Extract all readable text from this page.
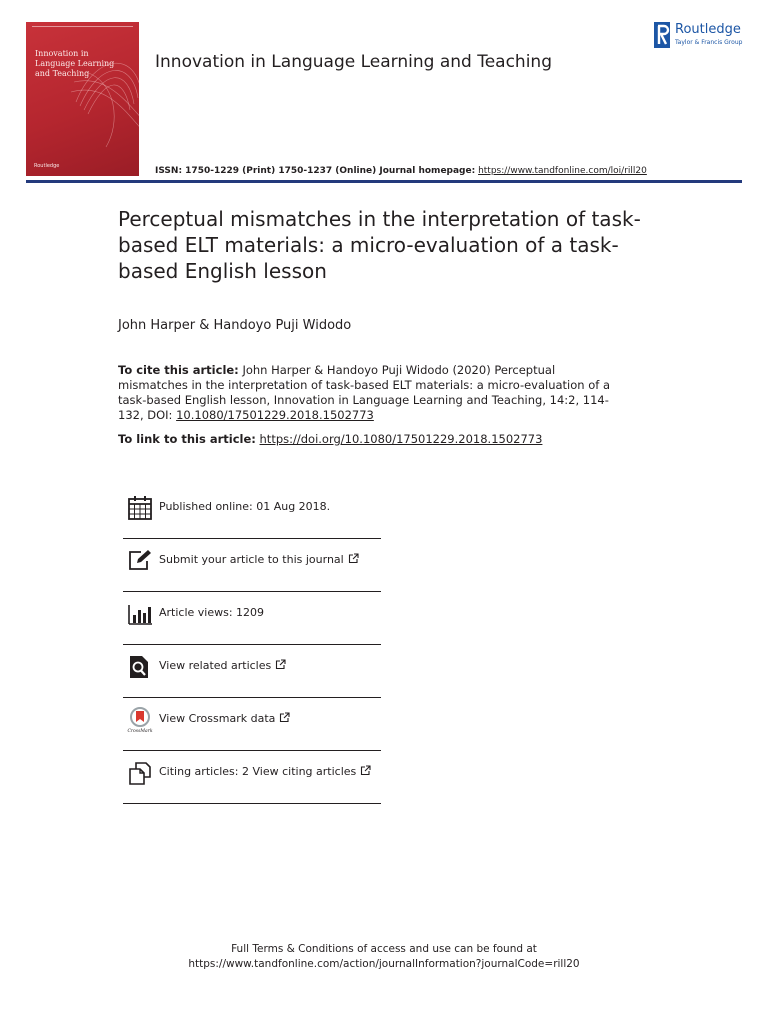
Innovation in Language Learning and Teaching
Routledge
Innovation in Language Learning and Teaching
Routledge
Taylor & Francis Group
ISSN: 1750-1229 (Print) 1750-1237 (Online) Journal homepage: https://www.tandfonline.com/loi/rill20
Perceptual mismatches in the interpretation of task-based ELT materials: a micro-evaluation of a task-based English lesson
John Harper & Handoyo Puji Widodo
To cite this article: John Harper & Handoyo Puji Widodo (2020) Perceptual mismatches in the interpretation of task-based ELT materials: a micro-evaluation of a task-based English lesson, Innovation in Language Learning and Teaching, 14:2, 114-132, DOI: 10.1080/17501229.2018.1502773
To link to this article: https://doi.org/10.1080/17501229.2018.1502773
Published online: 01 Aug 2018.
Submit your article to this journal
Article views: 1209
View related articles
CrossMark
View Crossmark data
Citing articles: 2 View citing articles
Full Terms & Conditions of access and use can be found at
https://www.tandfonline.com/action/journalInformation?journalCode=rill20
